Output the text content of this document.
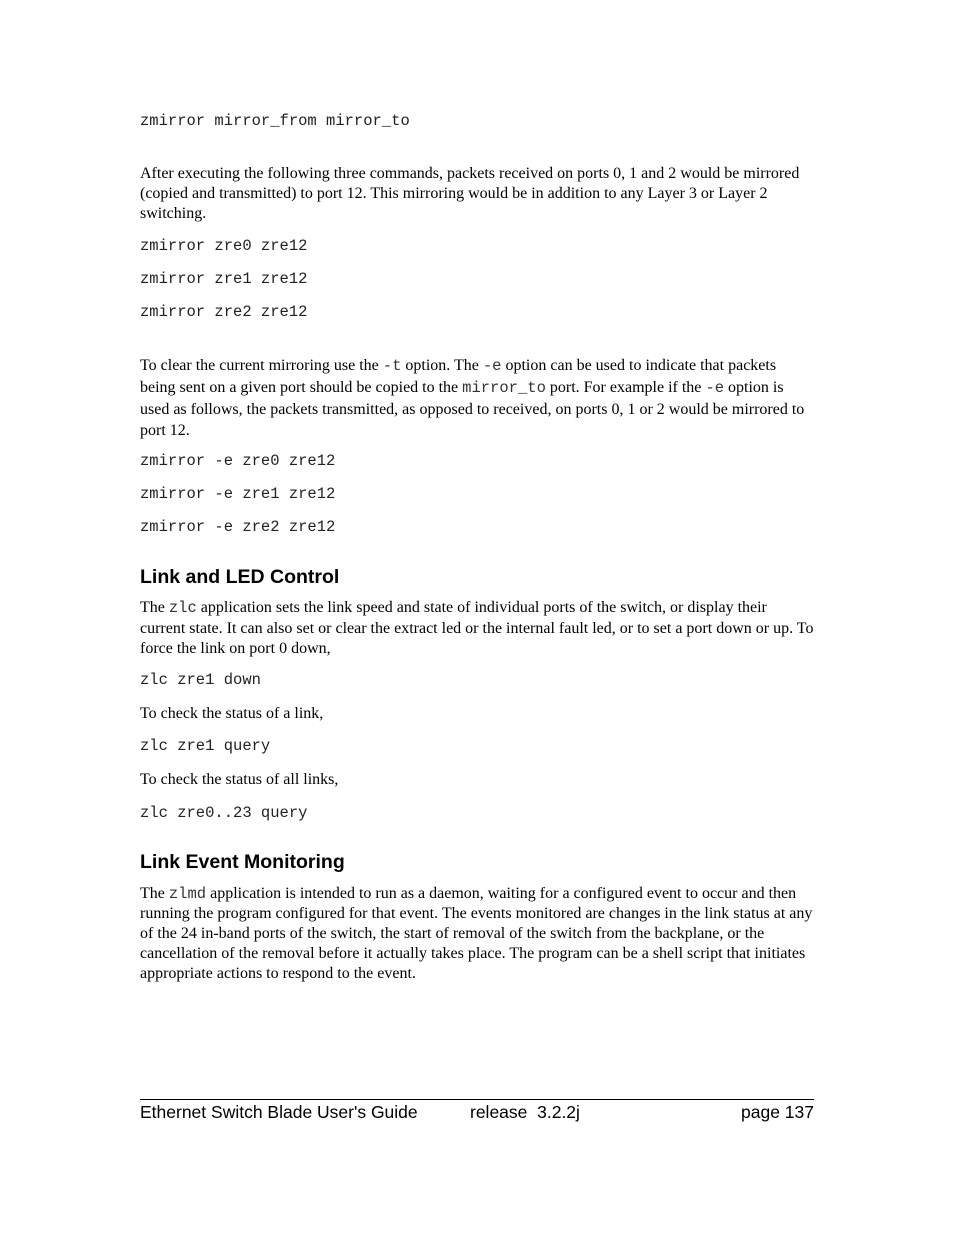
zmirror mirror_from mirror_to

After executing the following three commands, packets received on ports 0, 1 and 2 would be mirrored (copied and transmitted) to port 12. This mirroring would be in addition to any Layer 3 or Layer 2 switching.

zmirror zre0 zre12
zmirror zre1 zre12
zmirror zre2 zre12

To clear the current mirroring use the -t option. The -e option can be used to indicate that packets being sent on a given port should be copied to the mirror_to port. For example if the -e option is used as follows, the packets transmitted, as opposed to received, on ports 0, 1 or 2 would be mirrored to port 12.

zmirror -e zre0 zre12
zmirror -e zre1 zre12
zmirror -e zre2 zre12
Link and LED Control

The zlc application sets the link speed and state of individual ports of the switch, or display their current state. It can also set or clear the extract led or the internal fault led, or to set a port down or up. To force the link on port 0 down,

zlc zre1 down

To check the status of a link,

zlc zre1 query

To check the status of all links,

zlc zre0..23 query
Link Event Monitoring

The zlmd application is intended to run as a daemon, waiting for a configured event to occur and then running the program configured for that event. The events monitored are changes in the link status at any of the 24 in-band ports of the switch, the start of removal of the switch from the backplane, or the cancellation of the removal before it actually takes place. The program can be a shell script that initiates appropriate actions to respond to the event.

Ethernet Switch Blade User's Guide	release  3.2.2j	page 137
